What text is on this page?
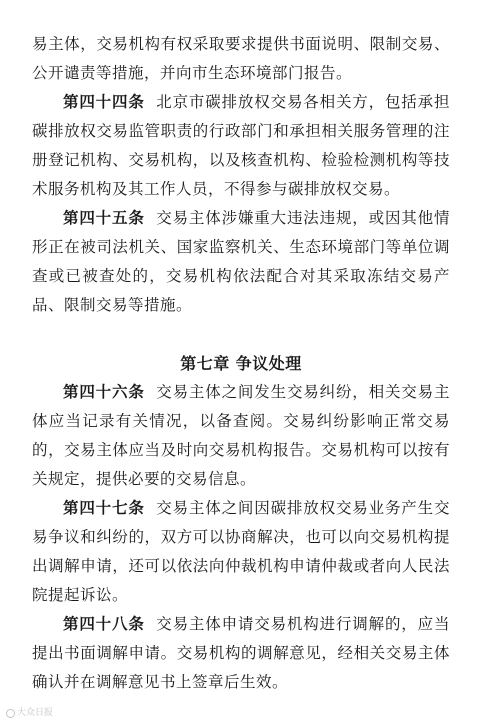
易主体，交易机构有权采取要求提供书面说明、限制交易、公开谴责等措施，并向市生态环境部门报告。

第四十四条 北京市碳排放权交易各相关方，包括承担碳排放权交易监管职责的行政部门和承担相关服务管理的注册登记机构、交易机构，以及核查机构、检验检测机构等技术服务机构及其工作人员，不得参与碳排放权交易。

第四十五条 交易主体涉嫌重大违法违规，或因其他情形正在被司法机关、国家监察机关、生态环境部门等单位调查或已被查处的，交易机构依法配合对其采取冻结交易产品、限制交易等措施。

第七章 争议处理

第四十六条 交易主体之间发生交易纠纷，相关交易主体应当记录有关情况，以备查阅。交易纠纷影响正常交易的，交易主体应当及时向交易机构报告。交易机构可以按有关规定，提供必要的交易信息。

第四十七条 交易主体之间因碳排放权交易业务产生交易争议和纠纷的，双方可以协商解决，也可以向交易机构提出调解申请，还可以依法向仲裁机构申请仲裁或者向人民法院提起诉讼。

第四十八条 交易主体申请交易机构进行调解的，应当提出书面调解申请。交易机构的调解意见，经相关交易主体确认并在调解意见书上签章后生效。

大众日报
